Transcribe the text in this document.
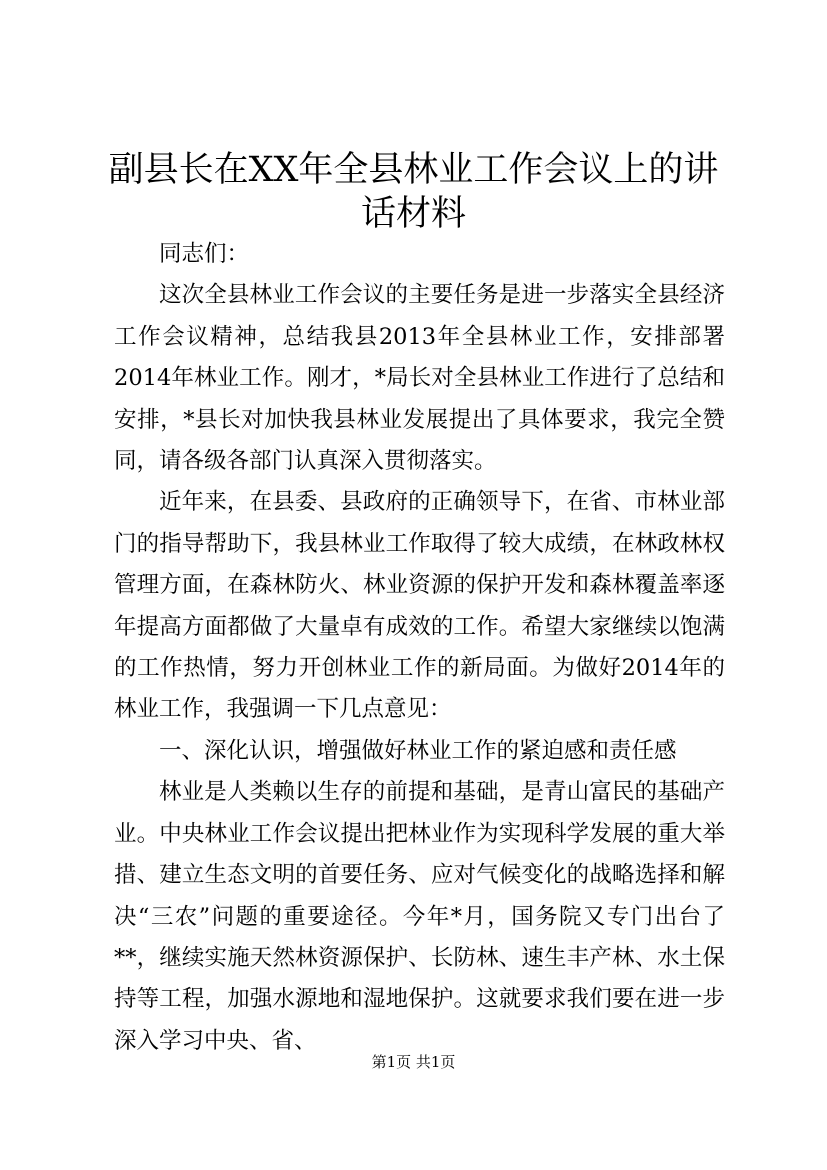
副县长在XX年全县林业工作会议上的讲话材料

同志们：

这次全县林业工作会议的主要任务是进一步落实全县经济工作会议精神，总结我县2013年全县林业工作，安排部署2014年林业工作。刚才，*局长对全县林业工作进行了总结和安排，*县长对加快我县林业发展提出了具体要求，我完全赞同，请各级各部门认真深入贯彻落实。

近年来，在县委、县政府的正确领导下，在省、市林业部门的指导帮助下，我县林业工作取得了较大成绩，在林政林权管理方面，在森林防火、林业资源的保护开发和森林覆盖率逐年提高方面都做了大量卓有成效的工作。希望大家继续以饱满的工作热情，努力开创林业工作的新局面。为做好2014年的林业工作，我强调一下几点意见：

一、深化认识，增强做好林业工作的紧迫感和责任感

林业是人类赖以生存的前提和基础，是青山富民的基础产业。中央林业工作会议提出把林业作为实现科学发展的重大举措、建立生态文明的首要任务、应对气候变化的战略选择和解决“三农”问题的重要途径。今年*月，国务院又专门出台了**，继续实施天然林资源保护、长防林、速生丰产林、水土保持等工程，加强水源地和湿地保护。这就要求我们要在进一步深入学习中央、省、

第1页 共1页
